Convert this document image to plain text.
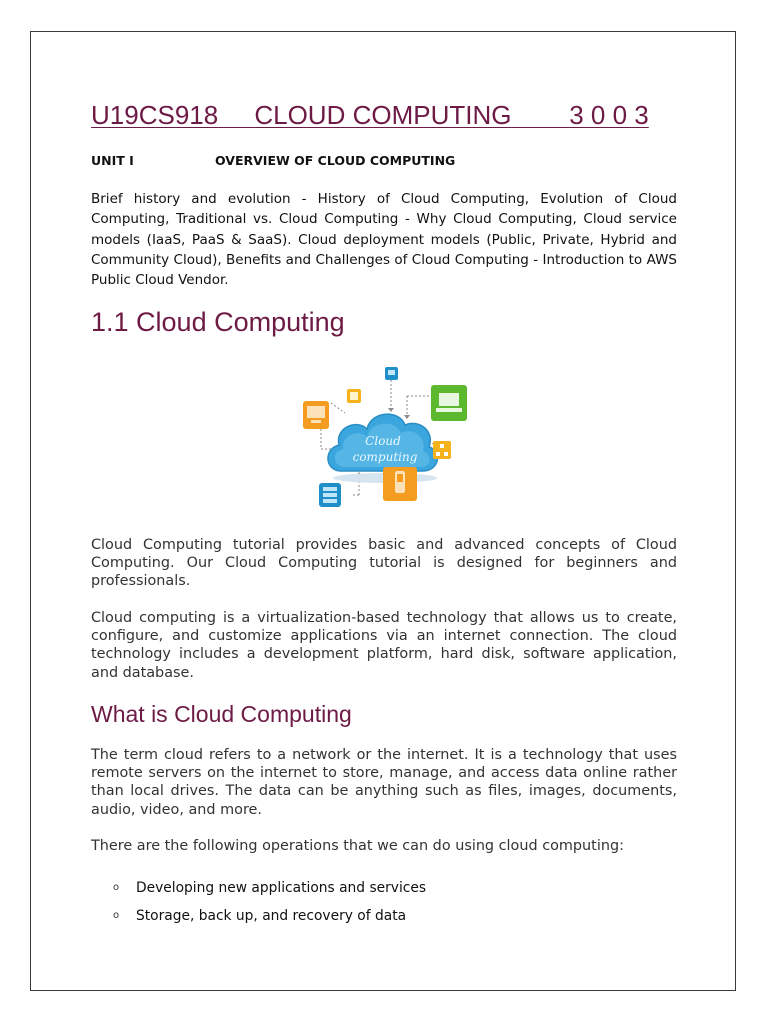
U19CS918 CLOUD COMPUTING 3 0 0 3
UNIT I	OVERVIEW OF CLOUD COMPUTING
Brief history and evolution - History of Cloud Computing, Evolution of Cloud Computing, Traditional vs. Cloud Computing - Why Cloud Computing, Cloud service models (IaaS, PaaS & SaaS). Cloud deployment models (Public, Private, Hybrid and Community Cloud), Benefits and Challenges of Cloud Computing - Introduction to AWS Public Cloud Vendor.
1.1 Cloud Computing
Cloud
computing
Cloud Computing tutorial provides basic and advanced concepts of Cloud Computing. Our Cloud Computing tutorial is designed for beginners and professionals.
Cloud computing is a virtualization-based technology that allows us to create, configure, and customize applications via an internet connection. The cloud technology includes a development platform, hard disk, software application, and database.
What is Cloud Computing
The term cloud refers to a network or the internet. It is a technology that uses remote servers on the internet to store, manage, and access data online rather than local drives. The data can be anything such as files, images, documents, audio, video, and more.
There are the following operations that we can do using cloud computing:
o Developing new applications and services
o Storage, back up, and recovery of data
